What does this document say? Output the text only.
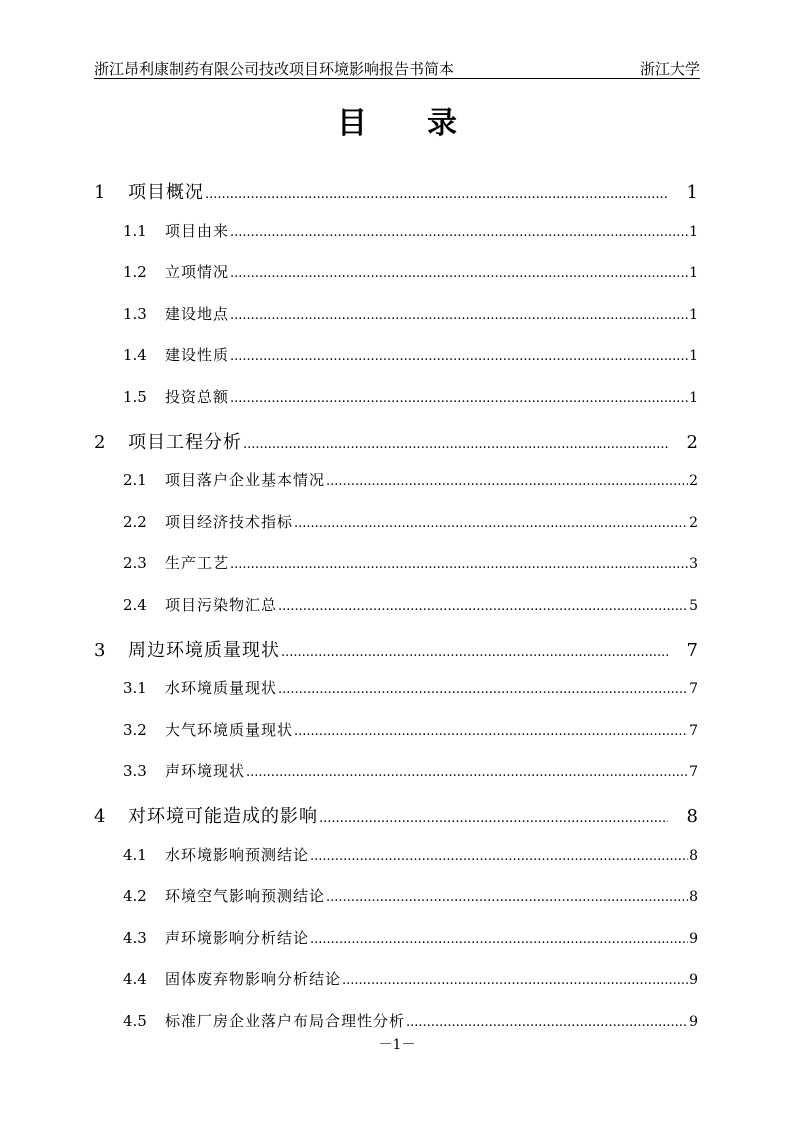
浙江昂利康制药有限公司技改项目环境影响报告书简本	浙江大学
目录
1	项目概况 .....	1
1.1	项目由来 .....	1
1.2	立项情况 .....	1
1.3	建设地点 .....	1
1.4	建设性质 .....	1
1.5	投资总额 .....	1
2	项目工程分析 .....	2
2.1	项目落户企业基本情况 .....	2
2.2	项目经济技术指标 .....	2
2.3	生产工艺 .....	3
2.4	项目污染物汇总 .....	5
3	周边环境质量现状 .....	7
3.1	水环境质量现状 .....	7
3.2	大气环境质量现状 .....	7
3.3	声环境现状 .....	7
4	对环境可能造成的影响 .....	8
4.1	水环境影响预测结论 .....	8
4.2	环境空气影响预测结论 .....	8
4.3	声环境影响分析结论 .....	9
4.4	固体废弃物影响分析结论 .....	9
4.5	标准厂房企业落户布局合理性分析 .....	9
－1－
